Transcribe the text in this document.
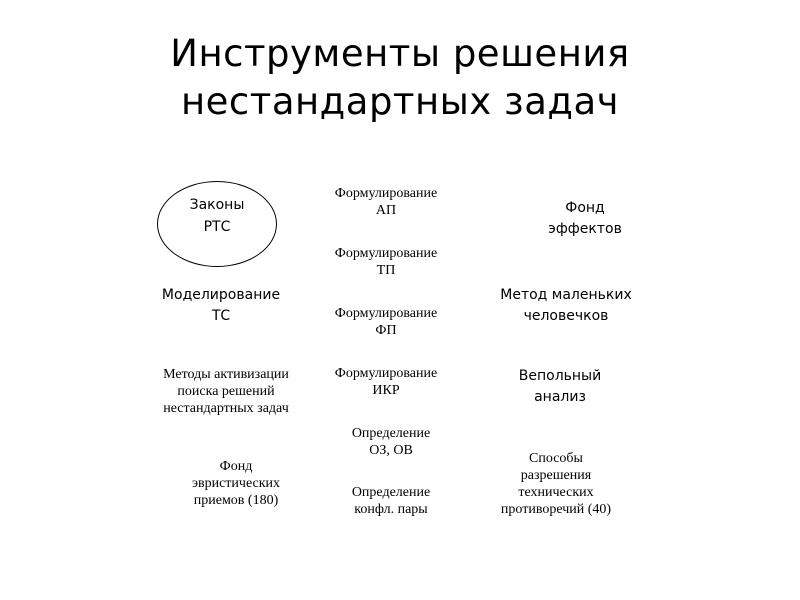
Инструменты решения
нестандартных задач
Законы
РТС
Моделирование
ТС
Методы активизации
поиска решений
нестандартных задач
Фонд
эвристических
приемов (180)
Формулирование
АП
Формулирование
ТП
Формулирование
ФП
Формулирование
ИКР
Определение
ОЗ, ОВ
Определение
конфл. пары
Фонд
эффектов
Метод маленьких
человечков
Вепольный
анализ
Способы
разрешения
технических
противоречий (40)
